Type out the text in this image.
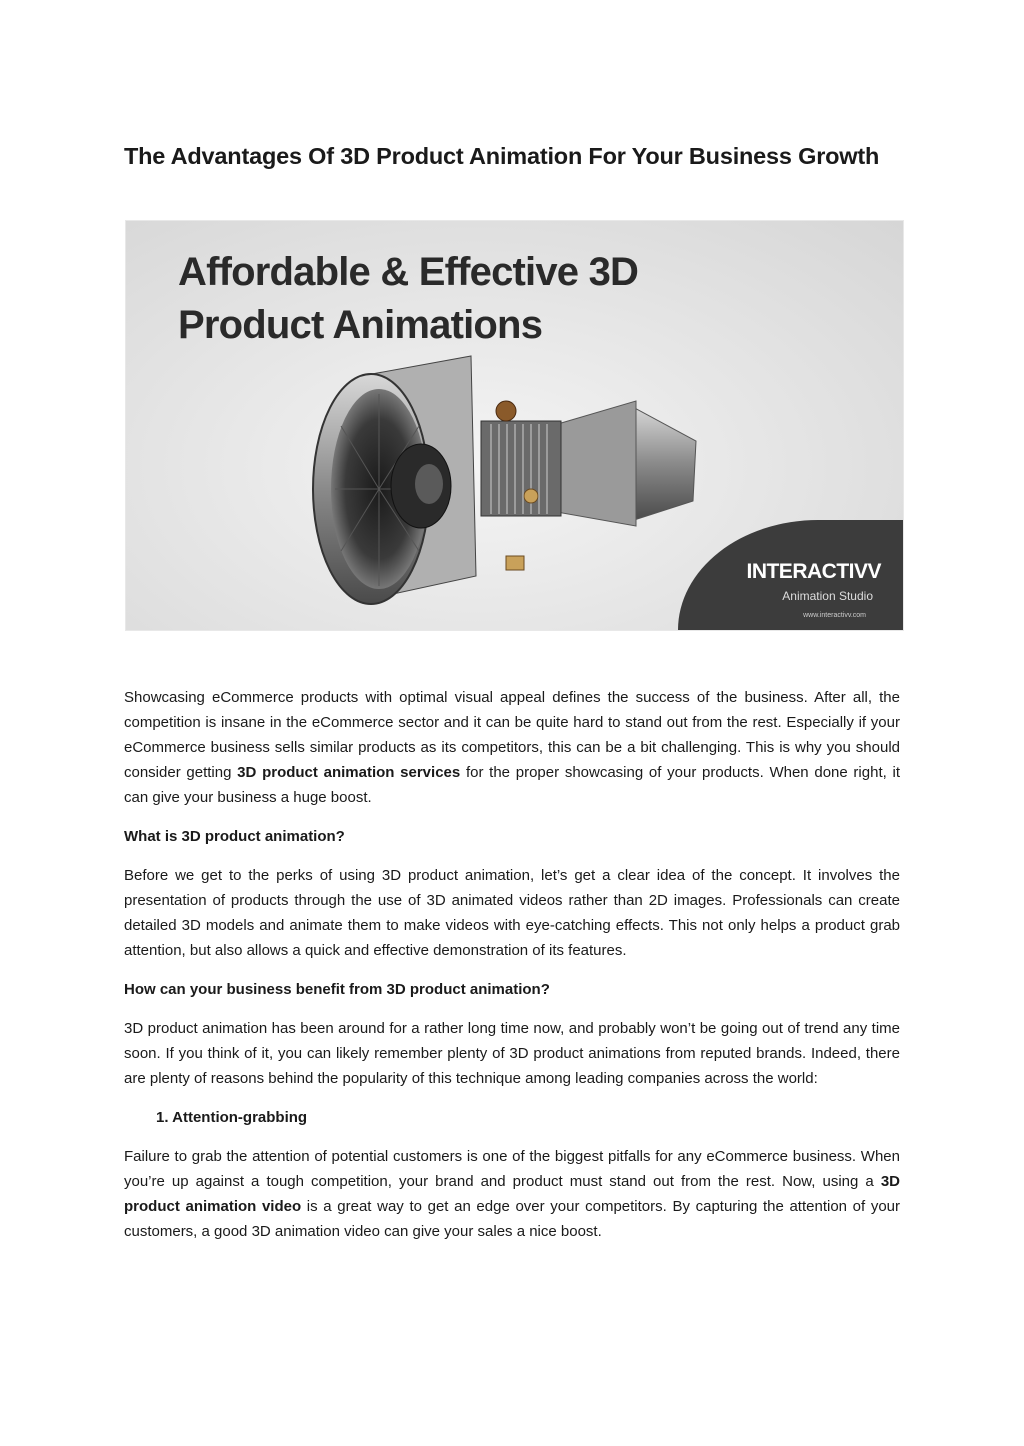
The Advantages Of 3D Product Animation For Your Business Growth
Affordable & Effective 3D
Product Animations
INTERACTIVV
Animation Studio
www.interactivv.com

Showcasing eCommerce products with optimal visual appeal defines the success of the business. After all, the competition is insane in the eCommerce sector and it can be quite hard to stand out from the rest. Especially if your eCommerce business sells similar products as its competitors, this can be a bit challenging. This is why you should consider getting 3D product animation services for the proper showcasing of your products. When done right, it can give your business a huge boost.

What is 3D product animation?

Before we get to the perks of using 3D product animation, let’s get a clear idea of the concept. It involves the presentation of products through the use of 3D animated videos rather than 2D images. Professionals can create detailed 3D models and animate them to make videos with eye-catching effects. This not only helps a product grab attention, but also allows a quick and effective demonstration of its features.

How can your business benefit from 3D product animation?

3D product animation has been around for a rather long time now, and probably won’t be going out of trend any time soon. If you think of it, you can likely remember plenty of 3D product animations from reputed brands. Indeed, there are plenty of reasons behind the popularity of this technique among leading companies across the world:

1. Attention-grabbing

Failure to grab the attention of potential customers is one of the biggest pitfalls for any eCommerce business. When you’re up against a tough competition, your brand and product must stand out from the rest. Now, using a 3D product animation video is a great way to get an edge over your competitors. By capturing the attention of your customers, a good 3D animation video can give your sales a nice boost.
